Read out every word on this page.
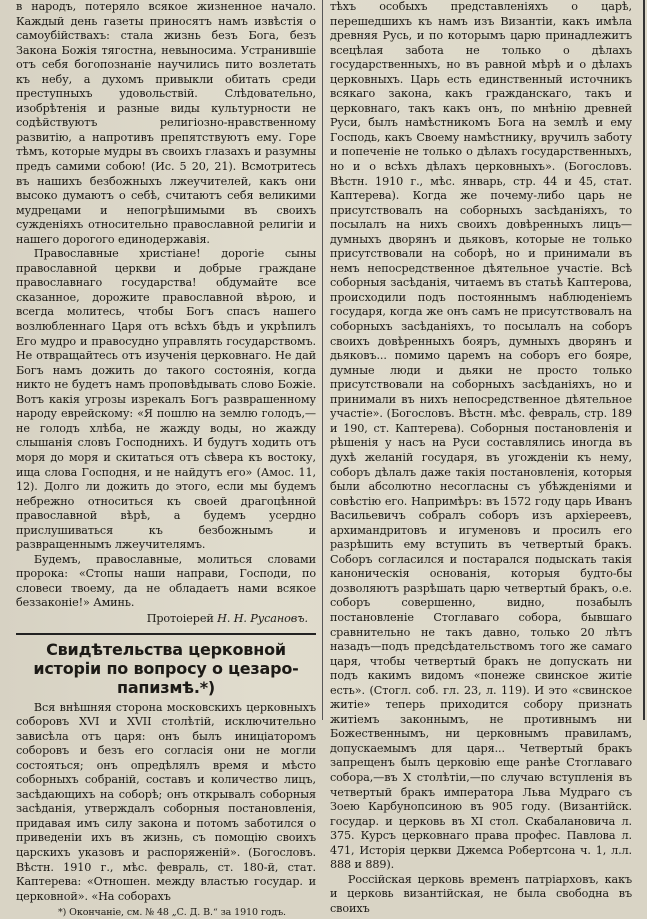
в народъ, потеряло всякое жизненное начало. Каждый день газеты приносятъ намъ извѣстія о самоубійствахъ: стала жизнь безъ Бога, безъ Закона Божія тягостна, невыносима. Устранившіе отъ себя богопознаніе научились пито возлетать къ небу, а духомъ привыкли обитать среди преступныхъ удовольствій. Слѣдовательно, изобрѣтенія и разные виды культурности не содѣйствуютъ религіозно-нравственному развитію, а напротивъ препятствуютъ ему. Горе тѣмъ, которые мудры въ своихъ глазахъ и разумны предъ самими собою! (Ис. 5 20, 21). Всмотритесь въ нашихъ безбожныхъ лжеучителей, какъ они высоко думаютъ о себѣ, считаютъ себя великими мудрецами и непогрѣшимыми въ своихъ сужденіяхъ относительно православной религіи и нашего дорогого единодержавія.

Православные христіане! дорогіе сыны православной церкви и добрые граждане православнаго государства! обдумайте все сказанное, дорожите православной вѣрою, и всегда молитесь, чтобы Богъ спасъ нашего возлюбленнаго Царя отъ всѣхъ бѣдъ и укрѣпилъ Его мудро и правосудно управлять государствомъ. Не отвращайтесь отъ изученія церковнаго. Не дай Богъ намъ дожить до такого состоянія, когда никто не будетъ намъ проповѣдывать слово Божіе. Вотъ какія угрозы изрекалъ Богъ разврашенному народу еврейскому: «Я пошлю на землю голодъ,—не голодъ хлѣба, не жажду воды, но жажду слышанія словъ Господнихъ. И будутъ ходить отъ моря до моря и скитаться отъ сѣвера къ востоку, ища слова Господня, и не найдутъ его» (Амос. 11, 12). Долго ли дожить до этого, если мы будемъ небрежно относиться къ своей драгоцѣнной православной вѣрѣ, а будемъ усердно прислушиваться къ безбожнымъ и развращеннымъ лжеучителямъ.

Будемъ, православные, молиться словами пророка: «Стопы наши направи, Господи, по словеси твоему, да не обладаетъ нами всякое беззаконіе!» Аминь.

Протоіерей Н. Н. Русановъ.

Свидѣтельства церковной исторіи по вопросу о цезаро-папизмѣ.*)

Вся внѣшняя сторона московскихъ церковныхъ соборовъ XVI и XVII столѣтій, исключительно зависѣла отъ царя: онъ былъ иниціаторомъ соборовъ и безъ его согласія они не могли состояться; онъ опредѣлялъ время и мѣсто соборныхъ собраній, составъ и количество лицъ, засѣдающихъ на соборѣ; онъ открывалъ соборныя засѣданія, утверждалъ соборныя постановленія, придавая имъ силу закона и потомъ заботился о приведеніи ихъ въ жизнь, съ помощію своихъ царскихъ указовъ и распоряженій». (Богословъ. Вѣстн. 1910 г., мѣс. февраль, ст. 180-й, стат. Каптерева: «Отношен. между властью государ. и церковной». «На соборахъ

*) Окончаніе, см. № 48 „С. Д. В.“ за 1910 годъ.

тѣхъ особыхъ представленіяхъ о царѣ, перешедшихъ къ намъ изъ Византіи, какъ имѣла древняя Русь, и по которымъ царю принадлежитъ всецѣлая забота не только о дѣлахъ государственныхъ, но въ равной мѣрѣ и о дѣлахъ церковныхъ. Царь есть единственный источникъ всякаго закона, какъ гражданскаго, такъ и церковнаго, такъ какъ онъ, по мнѣнію древней Руси, былъ намѣстникомъ Бога на землѣ и ему Господь, какъ Своему намѣстнику, вручилъ заботу и попеченіе не только о дѣлахъ государственныхъ, но и о всѣхъ дѣлахъ церковныхъ». (Богословъ. Вѣстн. 1910 г., мѣс. январь, стр. 44 и 45, стат. Каптерева). Когда же почему-либо царь не присутствовалъ на соборныхъ засѣданіяхъ, то посылалъ на нихъ своихъ довѣренныхъ лицъ—думныхъ дворянъ и дьяковъ, которые не только присутствовали на соборѣ, но и принимали въ немъ непосредственное дѣятельное участіе. Всѣ соборныя засѣданія, читаемъ въ статьѣ Каптерова, происходили подъ постояннымъ наблюденіемъ государя, когда же онъ самъ не присутствовалъ на соборныхъ засѣданіяхъ, то посылалъ на соборъ своихъ довѣренныхъ бояръ, думныхъ дворянъ и дьяковъ... помимо царемъ на соборъ его бояре, думные люди и дьяки не просто только присутствовали на соборныхъ засѣданіяхъ, но и принимали въ нихъ непосредственное дѣятельное участіе». (Богословъ. Вѣстн. мѣс. февраль, стр. 189 и 190, ст. Каптерева). Соборныя постановленія и рѣшенія у насъ на Руси составлялись иногда въ духѣ желаній государя, въ угожденіи къ нему, соборъ дѣлалъ даже такія постановленія, которыя были абсолютно несогласны съ убѣжденіями и совѣстію его. Напримѣръ: въ 1572 году царь Иванъ Васильевичъ собралъ соборъ изъ архіереевъ, архимандритовъ и игуменовъ и просилъ его разрѣшить ему вступить въ четвертый бракъ. Соборъ согласился и постарался подыскать такія каноническія основанія, которыя будто-бы дозволяютъ разрѣшать царю четвертый бракъ, о.е. соборъ совершенно, видно, позабылъ постановленіе Стоглаваго собора, бывшаго сравнительно не такъ давно, только 20 лѣтъ назадъ—подъ предсѣдательствомъ того же самаго царя, чтобы четвертый бракъ не допускать ни подъ какимъ видомъ «понеже свинское житіе есть». (Стогл. соб. гл. 23, л. 119). И это «свинское житіе» теперь приходится собору признать житіемъ законнымъ, не противнымъ ни Божественнымъ, ни церковнымъ правиламъ, допускаемымъ для царя... Четвертый бракъ запрещенъ былъ церковію еще ранѣе Стоглаваго собора,—въ X столѣтіи,—по случаю вступленія въ четвертый бракъ императора Льва Мудраго съ Зоею Карбунопсиною въ 905 году. (Византійск. государ. и церковь въ XI стол. Скабалановича л. 375. Курсъ церковнаго права профес. Павлова л. 471, Исторія церкви Джемса Робертсона ч. 1, л.л. 888 и 889).

Россійская церковь временъ патріарховъ, какъ и церковь византійская, не была свободна въ своихъ
